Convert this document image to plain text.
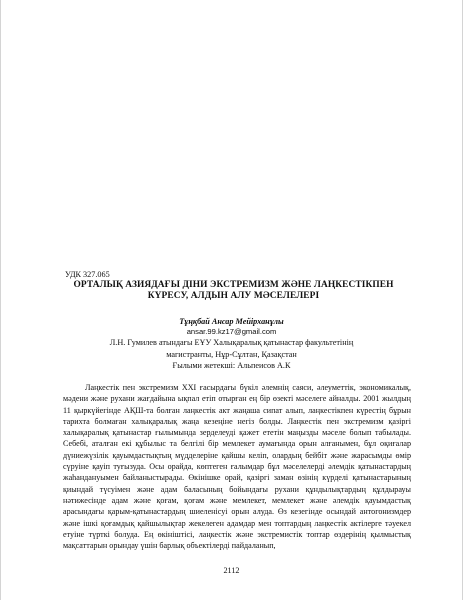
УДК 327.065
ОРТАЛЫҚ АЗИЯДАҒЫ ДІНИ ЭКСТРЕМИЗМ ЖӘНЕ ЛАҢКЕСТІКПЕН КҮРЕСУ, АЛДЫН АЛУ МӘСЕЛЕЛЕРІ
Тұңқбай Ансар Мейірханұлы
ansar.99.kz17@gmail.com
Л.Н. Гумилев атындағы ЕҰУ Халықаралық қатынастар факультетінің
магистранты, Нұр-Сұлтан, Қазақстан
Ғылыми жетекші: Альпеисов А.К

Лаңкестік пен экстремизм XXI ғасырдағы бүкіл әлемнің саяси, әлеуметтік, экономикалық, мәдени және рухани жағдайына ықпал етіп отырған ең бір өзекті мәселеге айналды. 2001 жылдың 11 қыркүйегінде АҚШ-та болған лаңкестік акт жаңаша сипат алып, лаңкестікпен күрестің бұрын тарихта болмаған халықаралық жаңа кезеңіне негіз болды. Лаңкестік пен экстремизм қазіргі халықаралық қатынастар ғылымында зерделеуді қажет ететін маңызды мәселе болып табылады. Себебі, аталған екі құбылыс та белгілі бір мемлекет аумағында орын алғанымен, бұл оқиғалар дүниежүзілік қауымдастықтың мүдделеріне қайшы келіп, олардың бейбіт және жарасымды өмір сүруіне қауіп туғызуда. Осы орайда, көптеген ғалымдар бұл мәселелерді әлемдік қатынастардың жаһандануымен байланыстырады. Өкінішке орай, қазіргі заман өзінің күрделі қатынастарының қиындай түсуімен және адам баласының бойындағы рухани құндылықтардың құлдырауы нәтижесінде адам және қоғам, қоғам және мемлекет, мемлекет және әлемдік қауымдастық арасындағы қарым-қатынастардың шиеленісуі орын алуда. Өз кезегінде осындай антогонизмдер және ішкі қоғамдық қайшылықтар жекелеген адамдар мен топтардың лаңкестік актілерге тәуекел етуіне түрткі болуда. Ең өкініштісі, лаңкестік және экстремистік топтар өздерінің қылмыстық мақсаттарын орындау үшін барлық объектілерді пайдаланып,

2112
